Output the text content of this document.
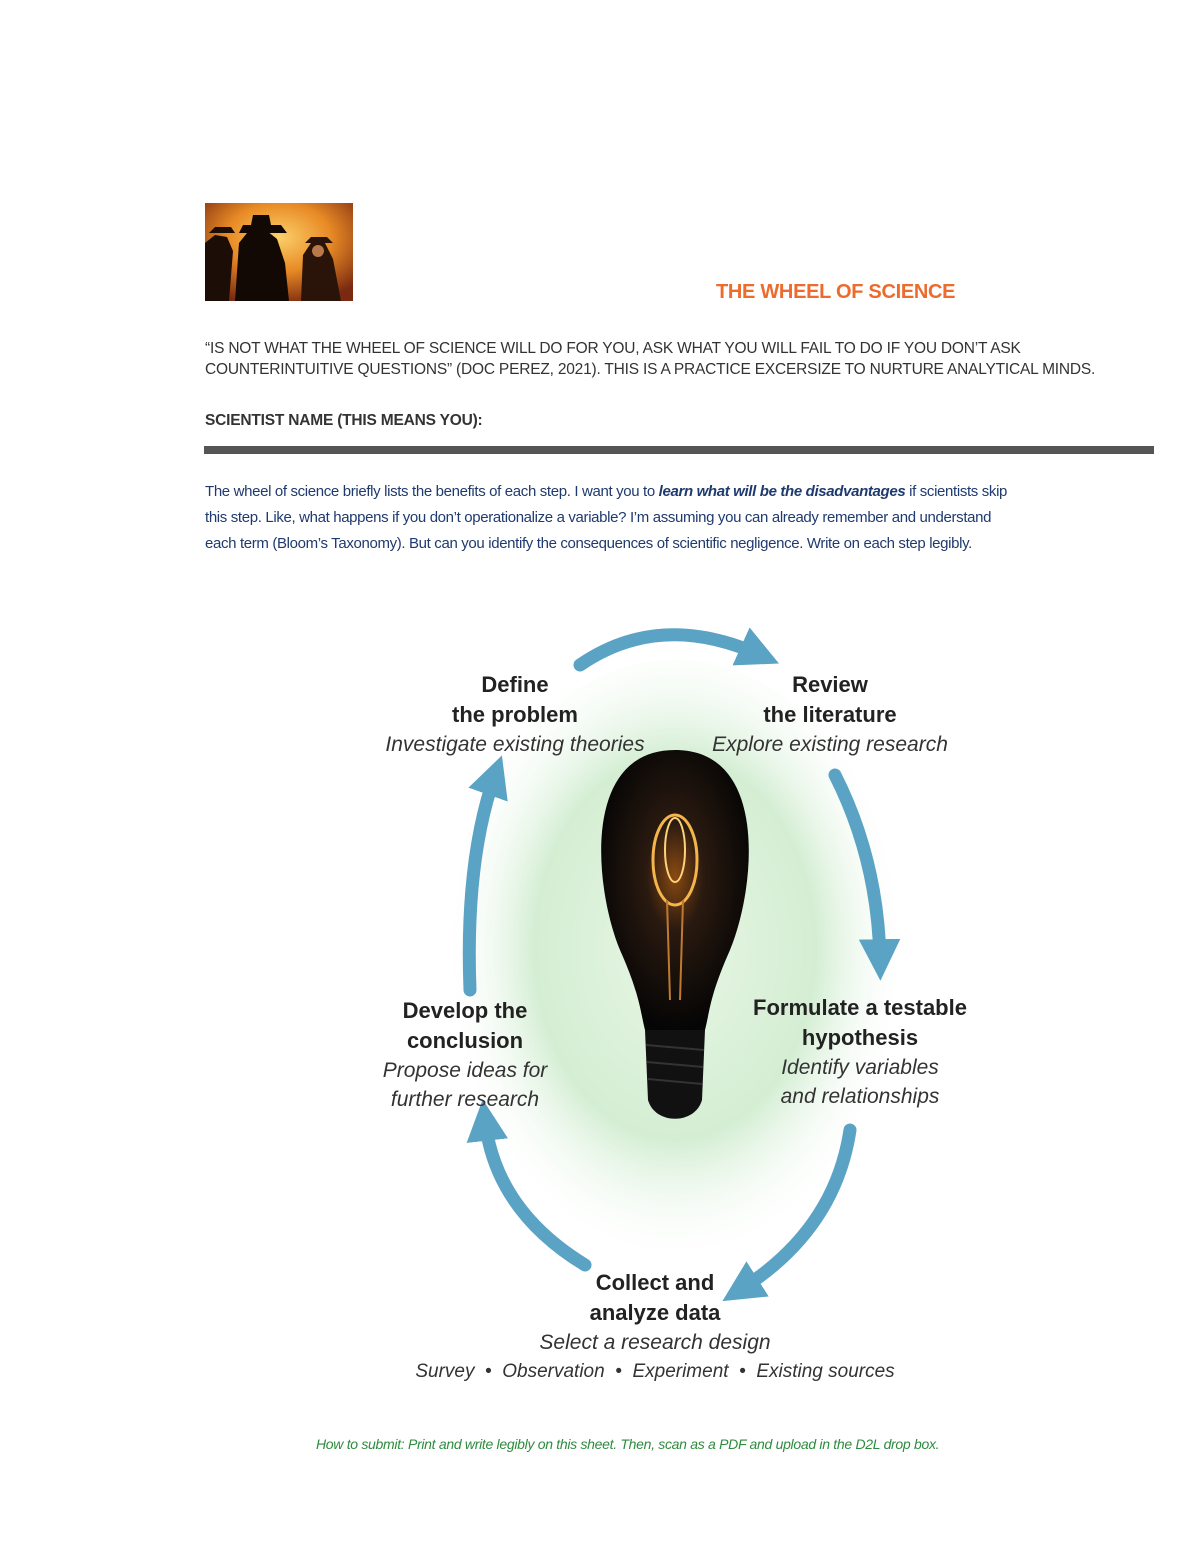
THE WHEEL OF SCIENCE
“IS NOT WHAT THE WHEEL OF SCIENCE WILL DO FOR YOU, ASK WHAT YOU WILL FAIL TO DO IF YOU DON’T ASK
COUNTERINTUITIVE QUESTIONS” (DOC PEREZ, 2021). THIS IS A PRACTICE EXCERSIZE TO NURTURE ANALYTICAL MINDS.
SCIENTIST NAME (THIS MEANS YOU):
The wheel of science briefly lists the benefits of each step. I want you to learn what will be the disadvantages if scientists skip
this step. Like, what happens if you don’t operationalize a variable? I’m assuming you can already remember and understand
each term (Bloom’s Taxonomy). But can you identify the consequences of scientific negligence. Write on each step legibly.
Define
the problem
Investigate existing theories
Review
the literature
Explore existing research
Formulate a testable
hypothesis
Identify variables
and relationships
Develop the
conclusion
Propose ideas for
further research
Collect and
analyze data
Select a research design
Survey  •  Observation  •  Experiment  •  Existing sources
How to submit: Print and write legibly on this sheet. Then, scan as a PDF and upload in the D2L drop box.
